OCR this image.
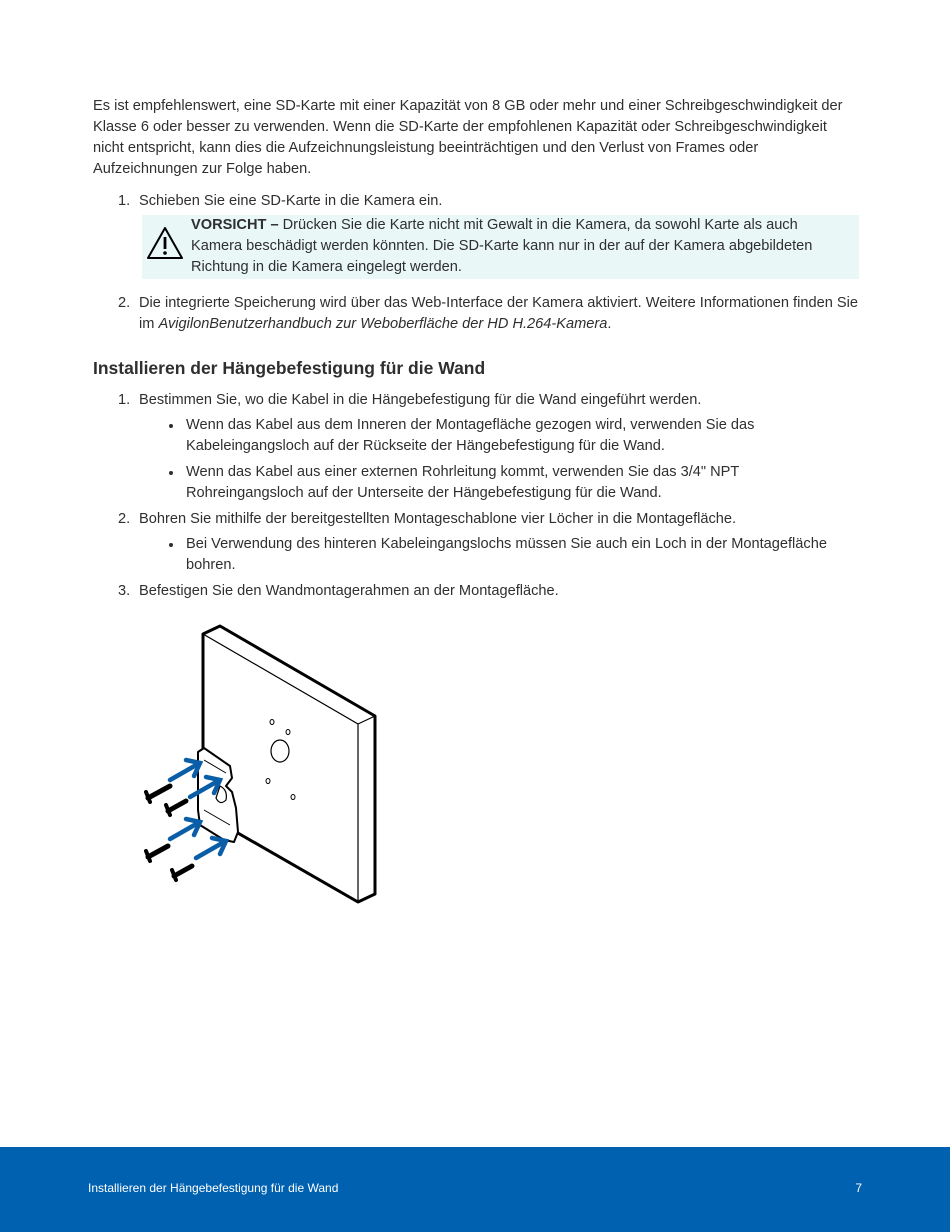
Es ist empfehlenswert, eine SD-Karte mit einer Kapazität von 8 GB oder mehr und einer Schreibgeschwindigkeit der Klasse 6 oder besser zu verwenden. Wenn die SD-Karte der empfohlenen Kapazität oder Schreibgeschwindigkeit nicht entspricht, kann dies die Aufzeichnungsleistung beeinträchtigen und den Verlust von Frames oder Aufzeichnungen zur Folge haben.

1. Schieben Sie eine SD-Karte in die Kamera ein.
VORSICHT – Drücken Sie die Karte nicht mit Gewalt in die Kamera, da sowohl Karte als auch Kamera beschädigt werden könnten. Die SD-Karte kann nur in der auf der Kamera abgebildeten Richtung in die Kamera eingelegt werden.
2. Die integrierte Speicherung wird über das Web-Interface der Kamera aktiviert. Weitere Informationen finden Sie im AvigilonBenutzerhandbuch zur Weboberfläche der HD H.264-Kamera.
Installieren der Hängebefestigung für die Wand
1. Bestimmen Sie, wo die Kabel in die Hängebefestigung für die Wand eingeführt werden.
Wenn das Kabel aus dem Inneren der Montagefläche gezogen wird, verwenden Sie das Kabeleingangsloch auf der Rückseite der Hängebefestigung für die Wand.
Wenn das Kabel aus einer externen Rohrleitung kommt, verwenden Sie das 3/4" NPT Rohreingangsloch auf der Unterseite der Hängebefestigung für die Wand.
2. Bohren Sie mithilfe der bereitgestellten Montageschablone vier Löcher in die Montagefläche.
Bei Verwendung des hinteren Kabeleingangslochs müssen Sie auch ein Loch in der Montagefläche bohren.
3. Befestigen Sie den Wandmontagerahmen an der Montagefläche.
Installieren der Hängebefestigung für die Wand	7
